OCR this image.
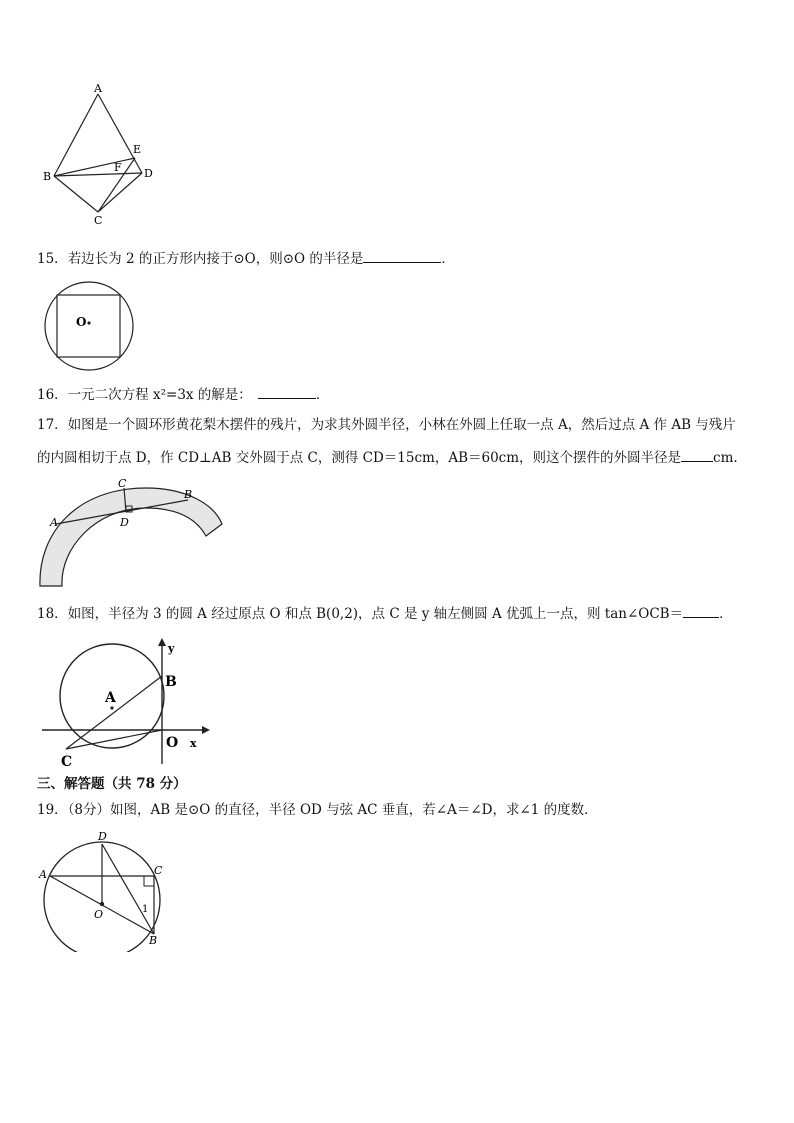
A
B
C
D
E
F
15．若边长为 2 的正方形内接于⊙O，则⊙O 的半径是	．
O
16．一元二次方程 x²=3x 的解是：	．
17．如图是一个圆环形黄花梨木摆件的残片，为求其外圆半径，小林在外圆上任取一点 A，然后过点 A 作 AB 与残片
的内圆相切于点 D，作 CD⊥AB 交外圆于点 C，测得 CD＝15cm，AB＝60cm，则这个摆件的外圆半径是 cm.
A
B
C
D
18．如图，半径为 3 的圆 A 经过原点 O 和点 B(0,2)，点 C 是 y 轴左侧圆 A 优弧上一点，则 tan∠OCB＝	．
A
B
C
O x
y
三、解答题（共 78 分）
19．（8分）如图，AB 是⊙O 的直径，半径 OD 与弦 AC 垂直，若∠A＝∠D，求∠1 的度数．
A
D
C
O
B
1
